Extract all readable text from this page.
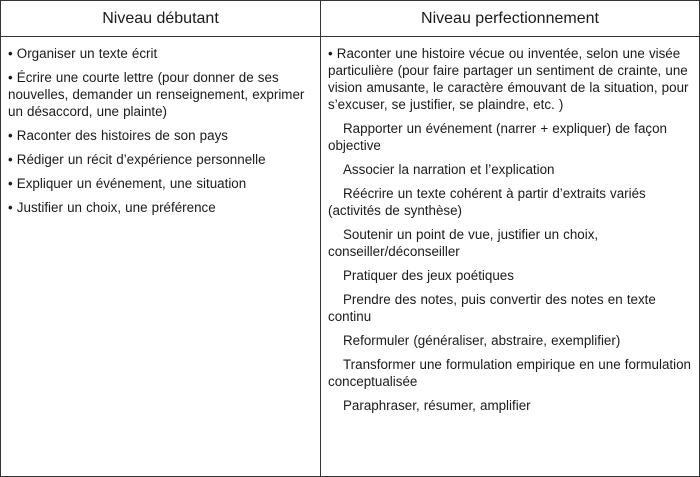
Niveau débutant	Niveau perfectionnement
• Organiser un texte écrit
• Écrire une courte lettre (pour donner de ses nouvelles, demander un renseignement, exprimer un désaccord, une plainte)
• Raconter des histoires de son pays
• Rédiger un récit d’expérience personnelle
• Expliquer un événement, une situation
• Justifier un choix, une préférence
• Raconter une histoire vécue ou inventée, selon une visée particulière (pour faire partager un sentiment de crainte, une vision amusante, le caractère émouvant de la situation, pour s’excuser, se justifier, se plaindre, etc. )
Rapporter un événement (narrer + expliquer) de façon objective
Associer la narration et l’explication
Réécrire un texte cohérent à partir d’extraits variés (activités de synthèse)
Soutenir un point de vue, justifier un choix, conseiller/déconseiller
Pratiquer des jeux poétiques
Prendre des notes, puis convertir des notes en texte continu
Reformuler (généraliser, abstraire, exemplifier)
Transformer une formulation empirique en une formulation conceptualisée
Paraphraser, résumer, amplifier
